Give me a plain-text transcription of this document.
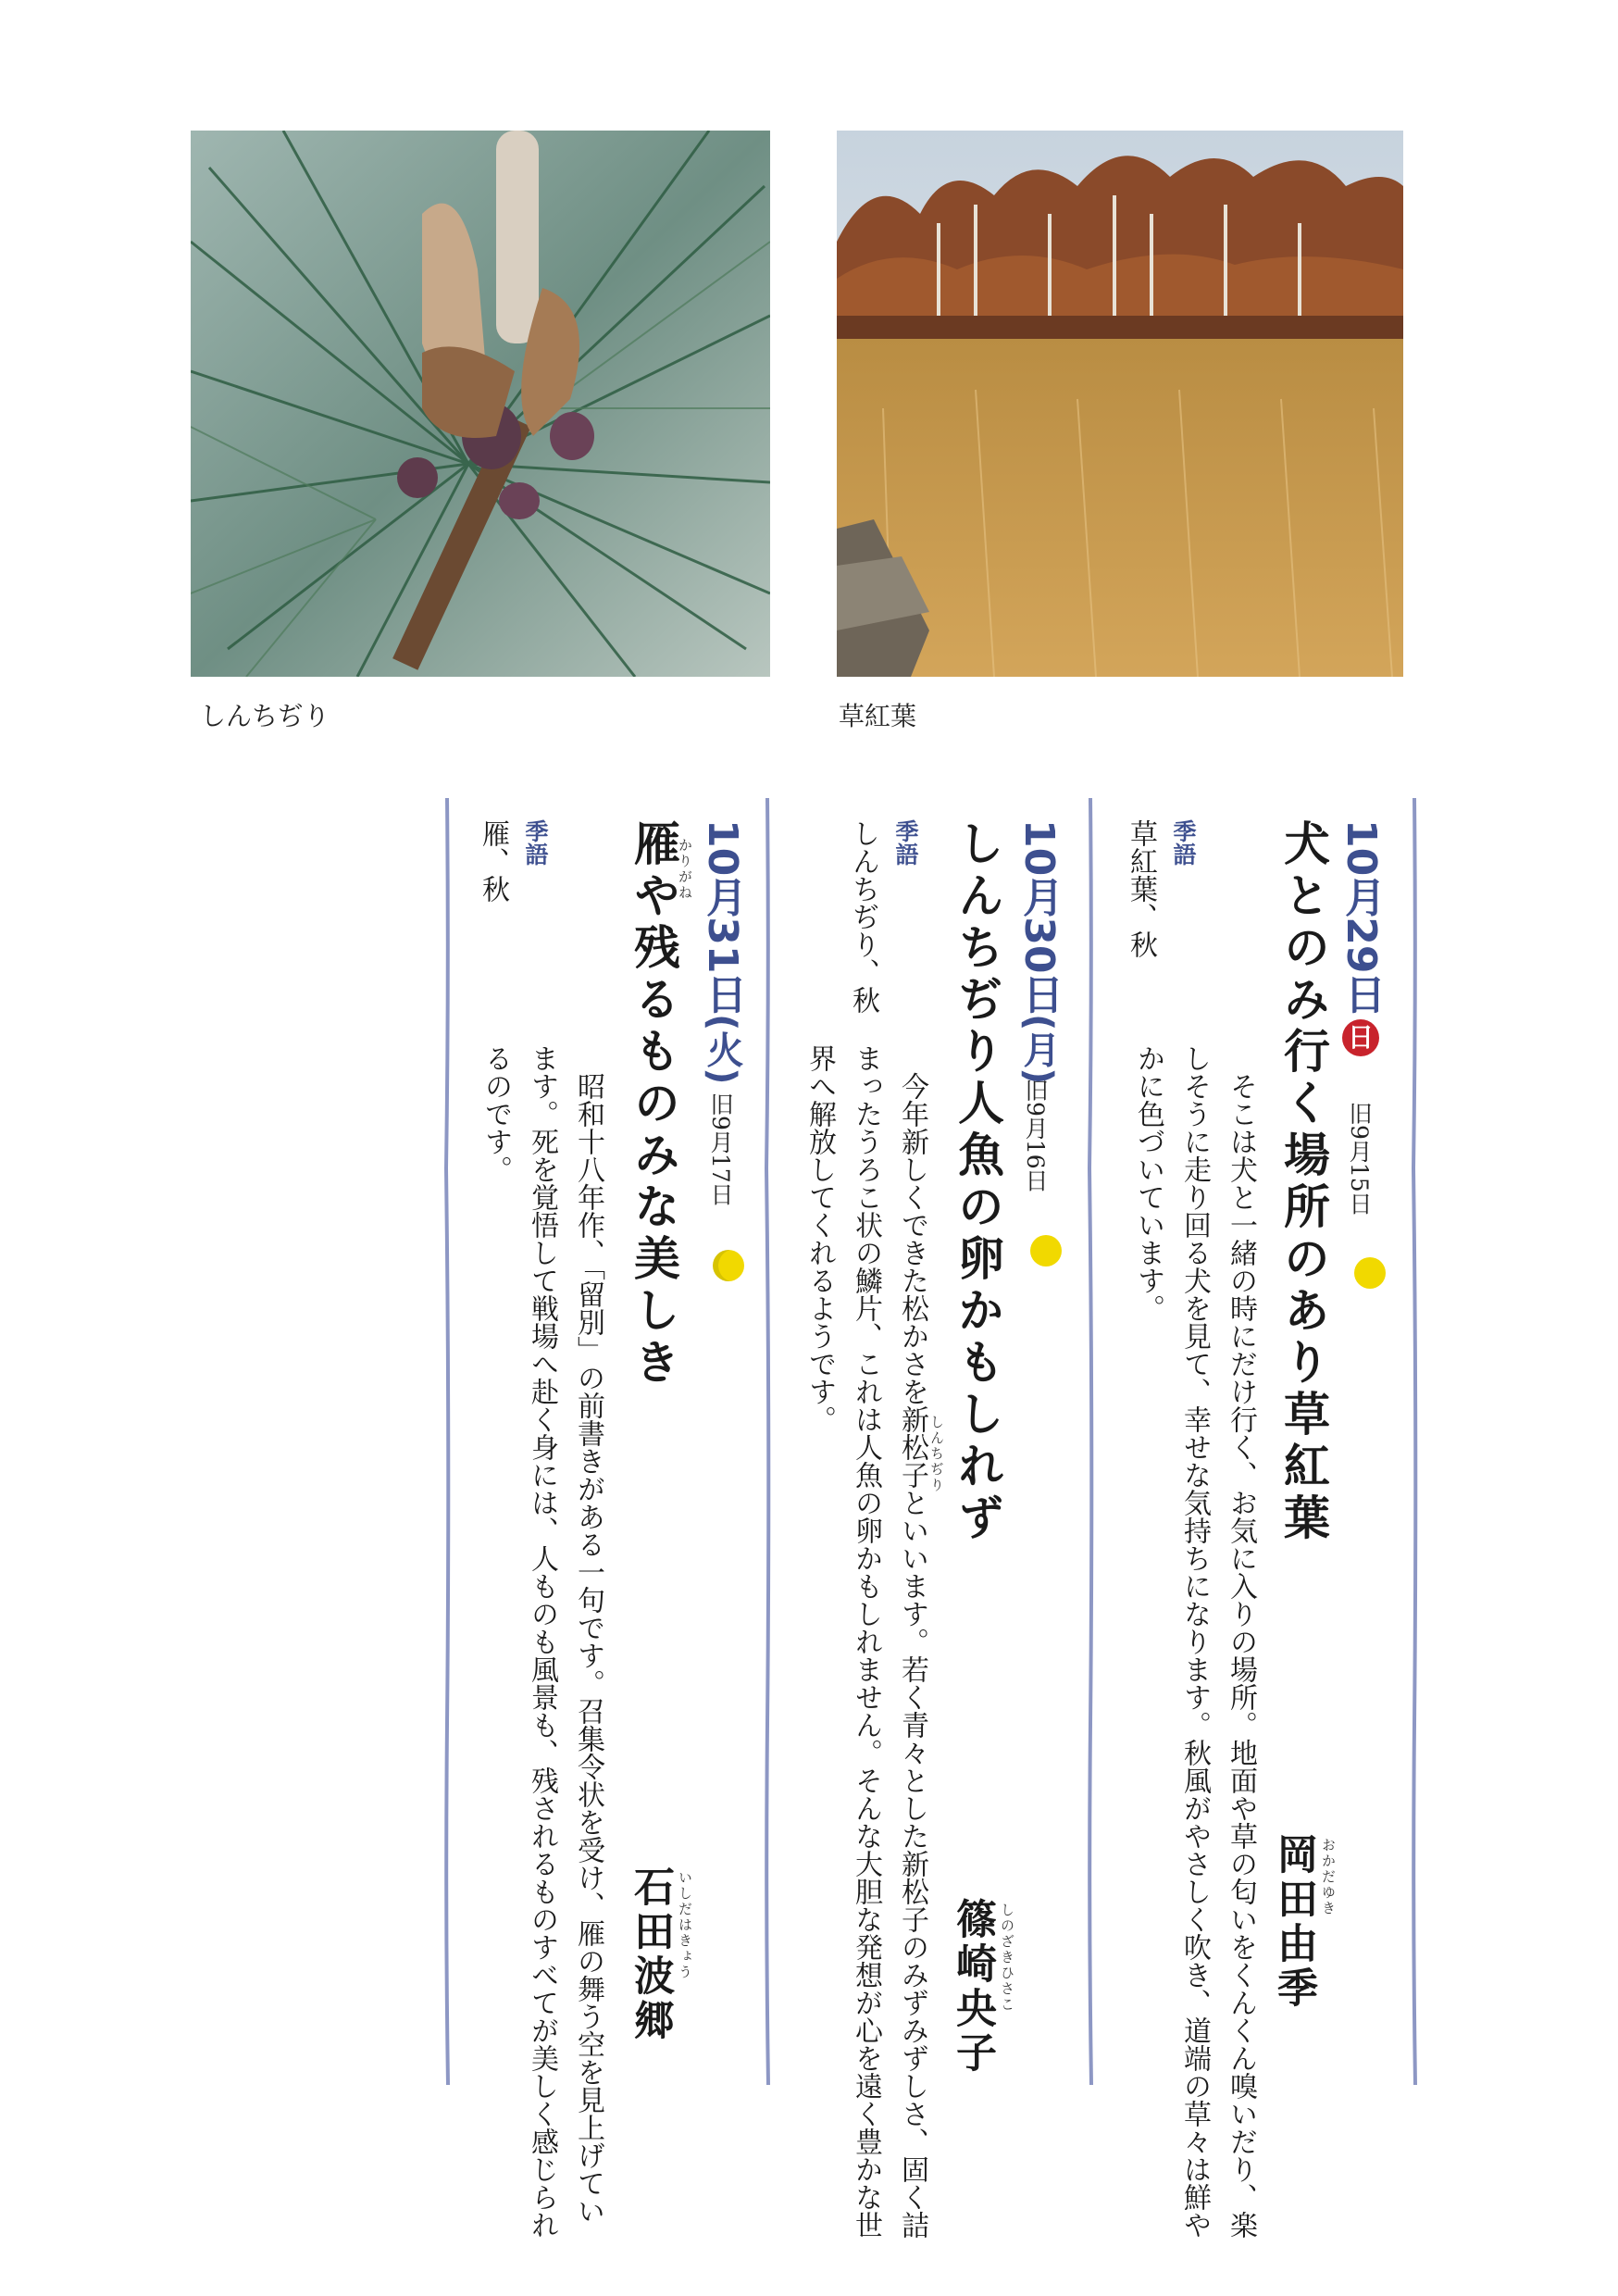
しんちぢり	草紅葉
10月29日日
旧9月15日
犬とのみ行く場所のあり草紅葉
おかだゆき
岡田由季

そこは犬と一緒の時にだけ行く、お気に入りの場所。地面や草の匂いをくんくん嗅いだり、楽しそうに走り回る犬を見て、幸せな気持ちになります。秋風がやさしく吹き、道端の草々は鮮やかに色づいています。

季語
草紅葉、秋
10月30日(月)
旧9月16日
しんちぢり人魚の卵かもしれず
しのざきひさこ
篠崎央子
しんちぢり

今年新しくできた松かさを新松子といいます。若く青々とした新松子のみずみずしさ、固く詰まったうろこ状の鱗片、これは人魚の卵かもしれません。そんな大胆な発想が心を遠く豊かな世界へ解放してくれるようです。

季語
しんちぢり、秋
10月31日(火)
旧9月17日
かりがね
雁や残るものみな美しき
いしだはきょう
石田波郷

昭和十八年作、「留別」の前書きがある一句です。召集令状を受け、雁の舞う空を見上げています。死を覚悟して戦場へ赴く身には、人ものも風景も、残されるものすべてが美しく感じられるのです。

季語
雁、秋
